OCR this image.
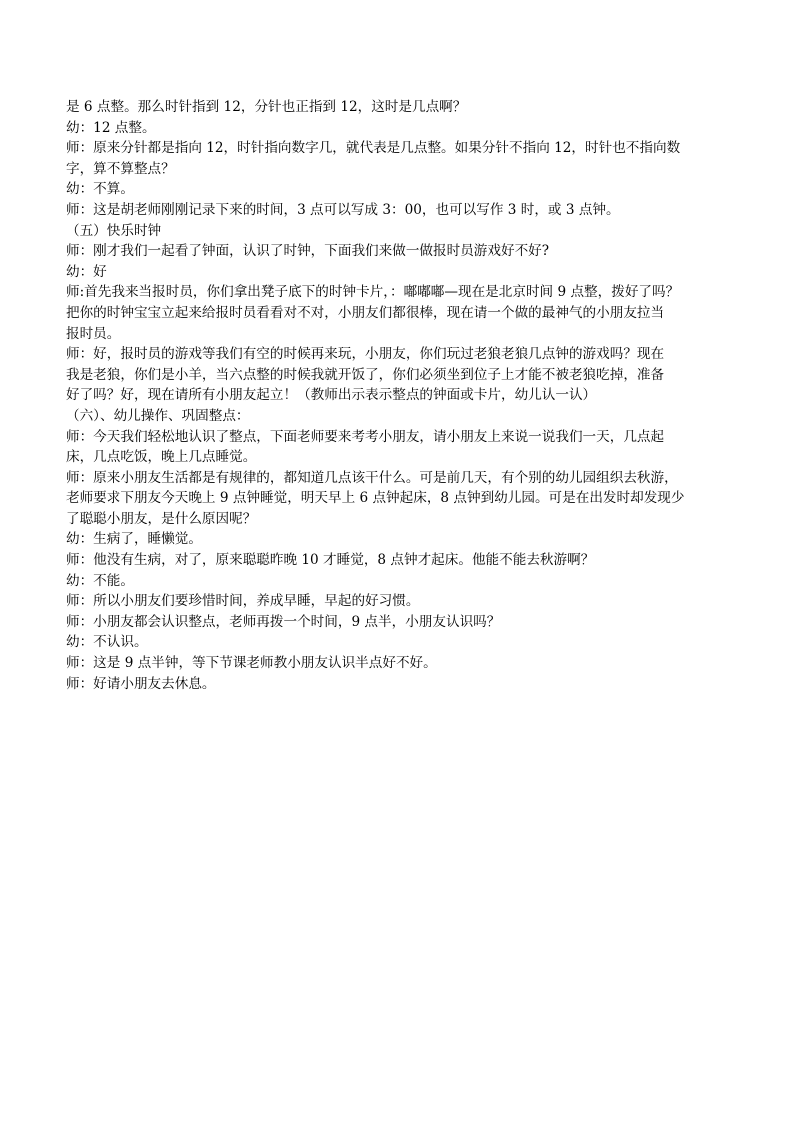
是 6 点整。那么时针指到 12，分针也正指到 12，这时是几点啊？

幼：12 点整。

师：原来分针都是指向 12，时针指向数字几，就代表是几点整。如果分针不指向 12，时针也不指向数

字，算不算整点？

幼：不算。

师：这是胡老师刚刚记录下来的时间，3 点可以写成 3：00，也可以写作 3 时，或 3 点钟。

（五）快乐时钟

师：刚才我们一起看了钟面，认识了时钟，下面我们来做一做报时员游戏好不好?

幼：好

师:首先我来当报时员，你们拿出凳子底下的时钟卡片，：嘟嘟嘟—现在是北京时间 9 点整，拨好了吗？

把你的时钟宝宝立起来给报时员看看对不对，小朋友们都很棒，现在请一个做的最神气的小朋友拉当

报时员。

师：好，报时员的游戏等我们有空的时候再来玩，小朋友，你们玩过老狼老狼几点钟的游戏吗？现在

我是老狼，你们是小羊，当六点整的时候我就开饭了，你们必须坐到位子上才能不被老狼吃掉，准备

好了吗？好，现在请所有小朋友起立！（教师出示表示整点的钟面或卡片，幼儿认一认）

（六）、幼儿操作、巩固整点：

师：今天我们轻松地认识了整点，下面老师要来考考小朋友，请小朋友上来说一说我们一天，几点起

床，几点吃饭，晚上几点睡觉。

师：原来小朋友生活都是有规律的，都知道几点该干什么。可是前几天，有个别的幼儿园组织去秋游，

老师要求下朋友今天晚上 9 点钟睡觉，明天早上 6 点钟起床，8 点钟到幼儿园。可是在出发时却发现少

了聪聪小朋友，是什么原因呢？

幼：生病了，睡懒觉。

师：他没有生病，对了，原来聪聪昨晚 10 才睡觉，8 点钟才起床。他能不能去秋游啊？

幼：不能。

师：所以小朋友们要珍惜时间，养成早睡，早起的好习惯。

师：小朋友都会认识整点，老师再拨一个时间，9 点半，小朋友认识吗？

幼：不认识。

师：这是 9 点半钟，等下节课老师教小朋友认识半点好不好。

师：好请小朋友去休息。
